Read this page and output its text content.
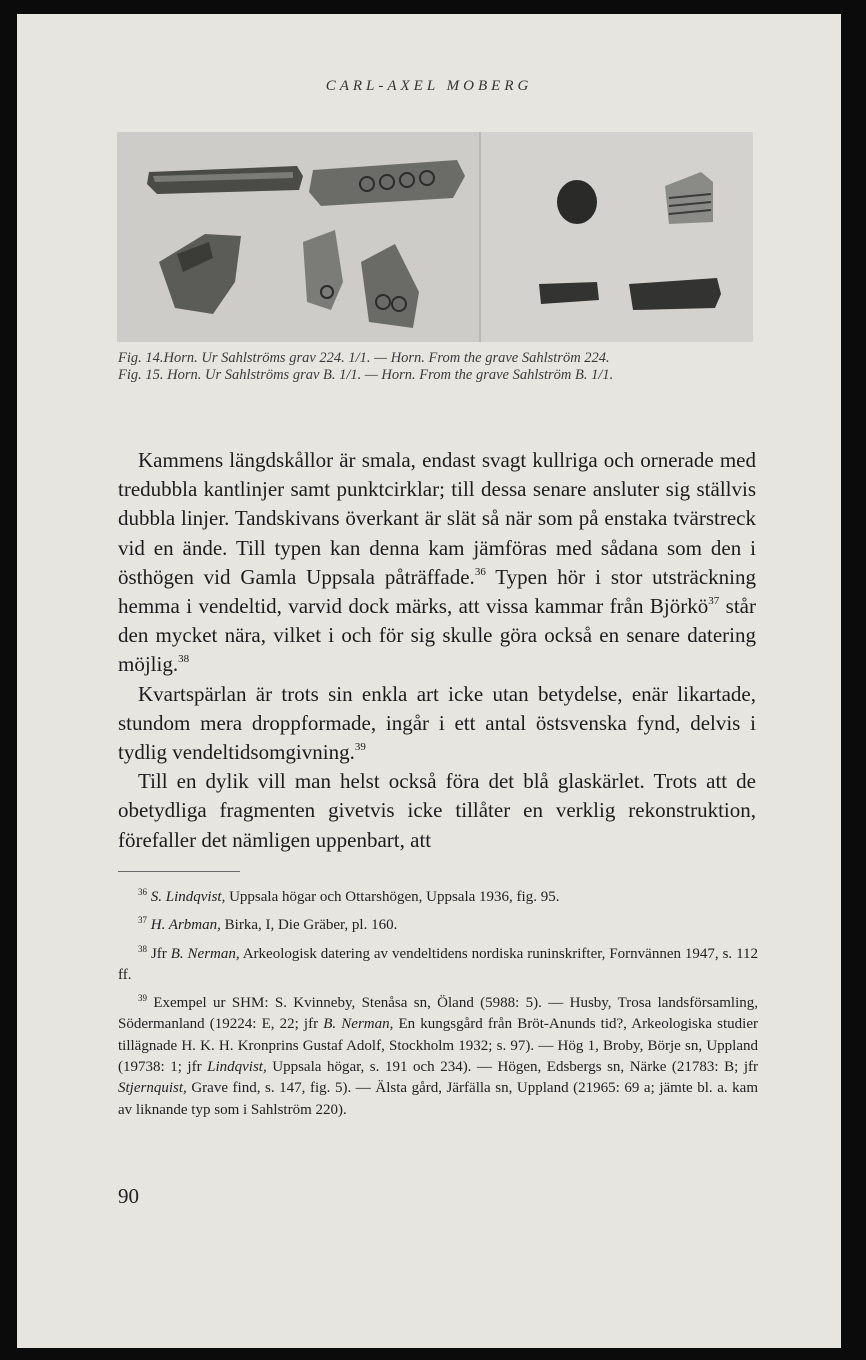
CARL-AXEL MOBERG
Fig. 14.Horn. Ur Sahlströms grav 224. 1/1. — Horn. From the grave Sahlström 224.
Fig. 15. Horn. Ur Sahlströms grav B. 1/1. — Horn. From the grave Sahlström B. 1/1.

Kammens längdskållor är smala, endast svagt kullriga och ornerade med tredubbla kantlinjer samt punktcirklar; till dessa senare ansluter sig ställvis dubbla linjer. Tandskivans överkant är slät så när som på enstaka tvärstreck vid en ände. Till typen kan denna kam jämföras med sådana som den i östhögen vid Gamla Uppsala påträffade.$^{36}$ Typen hör i stor utsträckning hemma i vendeltid, varvid dock märks, att vissa kammar från Björkö$^{37}$ står den mycket nära, vilket i och för sig skulle göra också en senare datering möjlig.$^{38}$

Kvartspärlan är trots sin enkla art icke utan betydelse, enär likartade, stundom mera droppformade, ingår i ett antal östsvenska fynd, delvis i tydlig vendeltidsomgivning.$^{39}$

Till en dylik vill man helst också föra det blå glaskärlet. Trots att de obetydliga fragmenten givetvis icke tillåter en verklig rekonstruktion, förefaller det nämligen uppenbart, att

$^{36}$ S. Lindqvist, Uppsala högar och Ottarshögen, Uppsala 1936, fig. 95.

$^{37}$ H. Arbman, Birka, I, Die Gräber, pl. 160.

$^{38}$ Jfr B. Nerman, Arkeologisk datering av vendeltidens nordiska runinskrifter, Fornvännen 1947, s. 112 ff.

$^{39}$ Exempel ur SHM: S. Kvinneby, Stenåsa sn, Öland (5988: 5). — Husby, Trosa landsförsamling, Södermanland (19224: E, 22; jfr B. Nerman, En kungsgård från Bröt-Anunds tid?, Arkeologiska studier tillägnade H. K. H. Kronprins Gustaf Adolf, Stockholm 1932; s. 97). — Hög 1, Broby, Börje sn, Uppland (19738: 1; jfr Lindqvist, Uppsala högar, s. 191 och 234). — Högen, Edsbergs sn, Närke (21783: B; jfr Stjernquist, Grave find, s. 147, fig. 5). — Älsta gård, Järfälla sn, Uppland (21965: 69 a; jämte bl. a. kam av liknande typ som i Sahlström 220).

90
